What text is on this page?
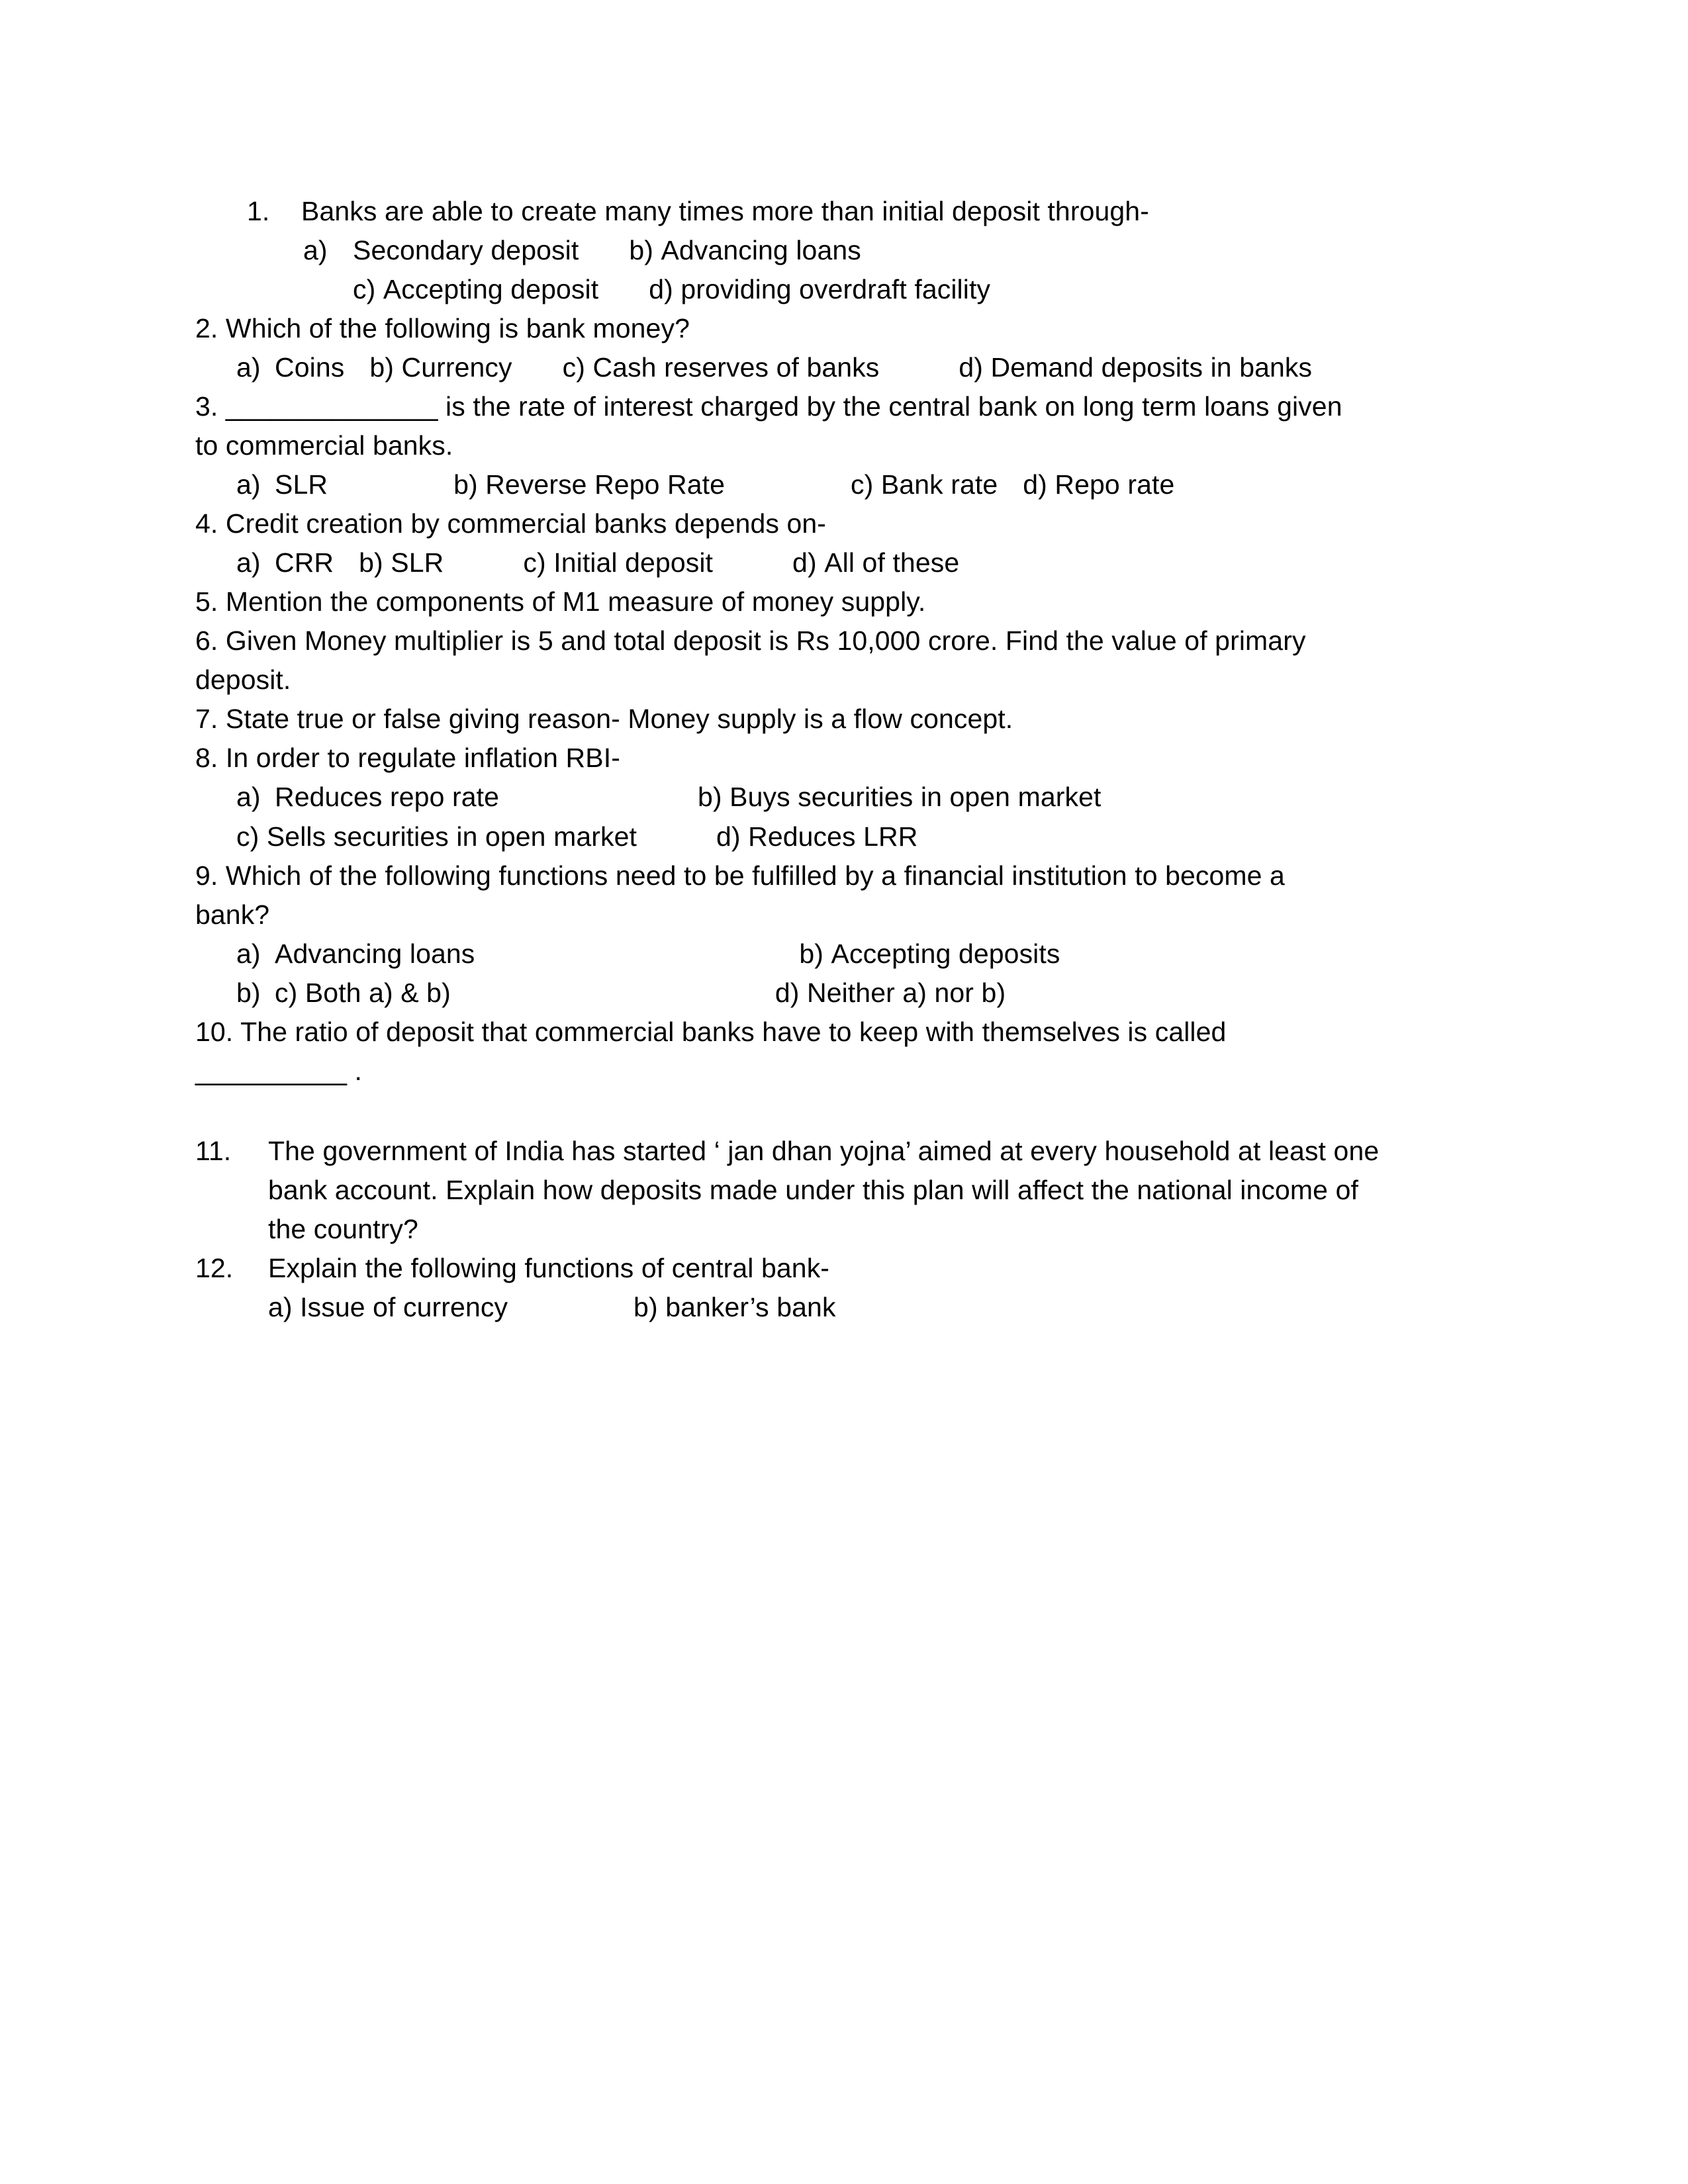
1. Banks are able to create many times more than initial deposit through-
a) Secondary deposit b) Advancing loans
c) Accepting deposit d) providing overdraft facility
2. Which of the following is bank money?
a) Coins b) Currency c) Cash reserves of banks	d) Demand deposits in banks
3. ______________ is the rate of interest charged by the central bank on long term loans given
to commercial banks.
a) SLR	b) Reverse Repo Rate	c) Bank rate d) Repo rate
4. Credit creation by commercial banks depends on-
a) CRR b) SLR	c) Initial deposit	d) All of these
5. Mention the components of M1 measure of money supply.
6. Given Money multiplier is 5 and total deposit is Rs 10,000 crore. Find the value of primary
deposit.
7. State true or false giving reason- Money supply is a flow concept.
8. In order to regulate inflation RBI-
a) Reduces repo rate	b) Buys securities in open market
c) Sells securities in open market	d) Reduces LRR
9. Which of the following functions need to be fulfilled by a financial institution to become a
bank?
a) Advancing loans	b) Accepting deposits
b) c) Both a) & b)	d) Neither a) nor b)
10. The ratio of deposit that commercial banks have to keep with themselves is called
__________ .
11. The government of India has started ‘ jan dhan yojna’ aimed at every household at least one
bank account. Explain how deposits made under this plan will affect the national income of
the country?
12. Explain the following functions of central bank-
a) Issue of currency	b) banker’s bank
